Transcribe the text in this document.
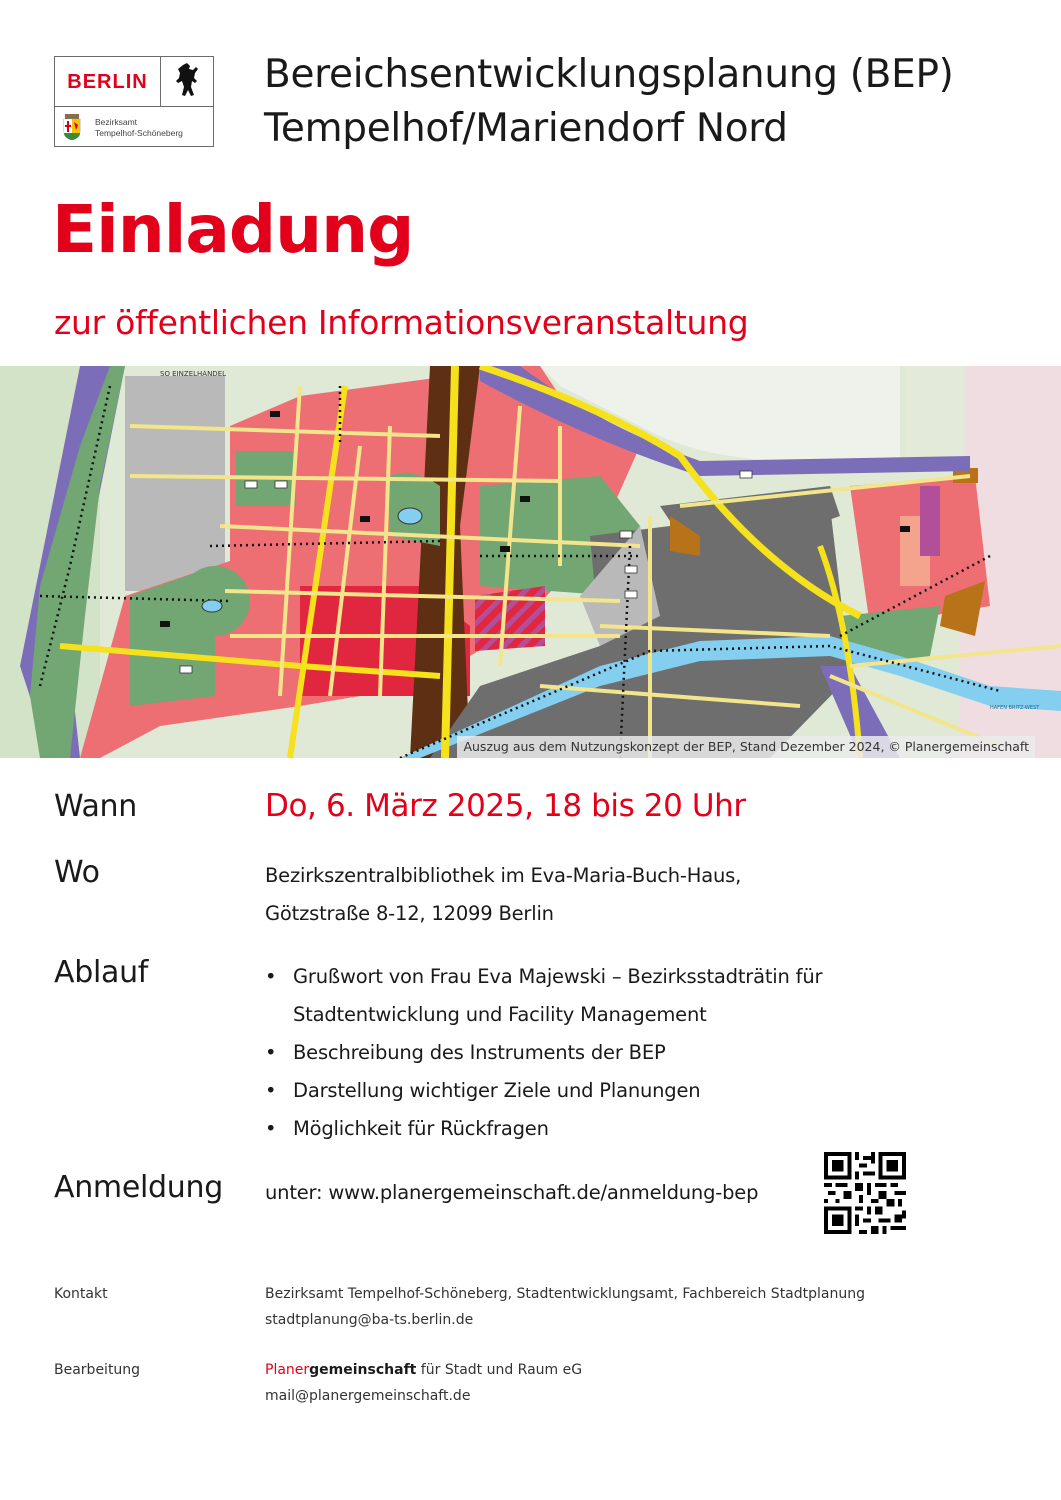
BERLIN
Bezirksamt
Tempelhof-Schöneberg
Bereichsentwicklungsplanung (BEP)
Tempelhof/Mariendorf Nord
Einladung
zur öffentlichen Informationsveranstaltung
SO EINZELHANDEL
HAFEN BRITZ-WEST
Auszug aus dem Nutzungskonzept der BEP, Stand Dezember 2024, © Planergemeinschaft
Wann	Do, 6. März 2025, 18 bis 20 Uhr
Wo	Bezirkszentralbibliothek im Eva-Maria-Buch-Haus,
Götzstraße 8-12, 12099 Berlin
Ablauf	• Grußwort von Frau Eva Majewski – Bezirksstadträtin für
Stadtentwicklung und Facility Management
• Beschreibung des Instruments der BEP
• Darstellung wichtiger Ziele und Planungen
• Möglichkeit für Rückfragen
Anmeldung unter: www.planergemeinschaft.de/anmeldung-bep
Kontakt	Bezirksamt Tempelhof-Schöneberg, Stadtentwicklungsamt, Fachbereich Stadtplanung
stadtplanung@ba-ts.berlin.de
Bearbeitung	Planergemeinschaft für Stadt und Raum eG
mail@planergemeinschaft.de
